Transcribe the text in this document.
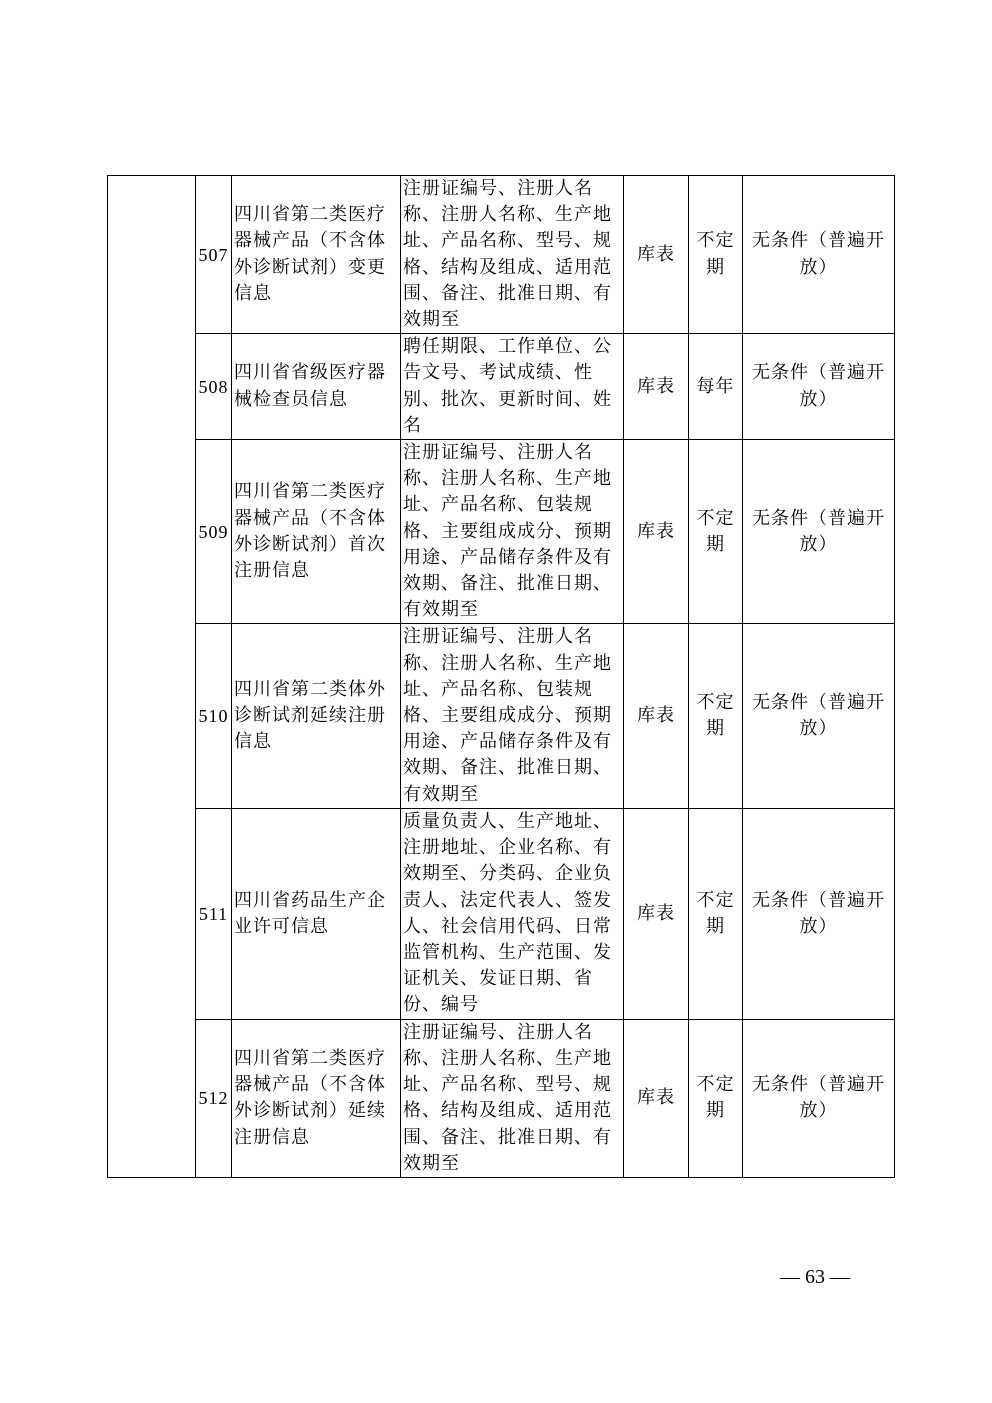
	507	四川省第二类医疗器械产品（不含体外诊断试剂）变更信息	注册证编号、注册人名称、注册人名称、生产地址、产品名称、型号、规格、结构及组成、适用范围、备注、批准日期、有效期至	库表	不定期	无条件（普遍开放）
	508	四川省省级医疗器械检查员信息	聘任期限、工作单位、公告文号、考试成绩、性别、批次、更新时间、姓名	库表	每年	无条件（普遍开放）
	509	四川省第二类医疗器械产品（不含体外诊断试剂）首次注册信息	注册证编号、注册人名称、注册人名称、生产地址、产品名称、包装规格、主要组成成分、预期用途、产品储存条件及有效期、备注、批准日期、有效期至	库表	不定期	无条件（普遍开放）
	510	四川省第二类体外诊断试剂延续注册信息	注册证编号、注册人名称、注册人名称、生产地址、产品名称、包装规格、主要组成成分、预期用途、产品储存条件及有效期、备注、批准日期、有效期至	库表	不定期	无条件（普遍开放）
	511	四川省药品生产企业许可信息	质量负责人、生产地址、注册地址、企业名称、有效期至、分类码、企业负责人、法定代表人、签发人、社会信用代码、日常监管机构、生产范围、发证机关、发证日期、省份、编号	库表	不定期	无条件（普遍开放）
	512	四川省第二类医疗器械产品（不含体外诊断试剂）延续注册信息	注册证编号、注册人名称、注册人名称、生产地址、产品名称、型号、规格、结构及组成、适用范围、备注、批准日期、有效期至	库表	不定期	无条件（普遍开放）
— 63 —
